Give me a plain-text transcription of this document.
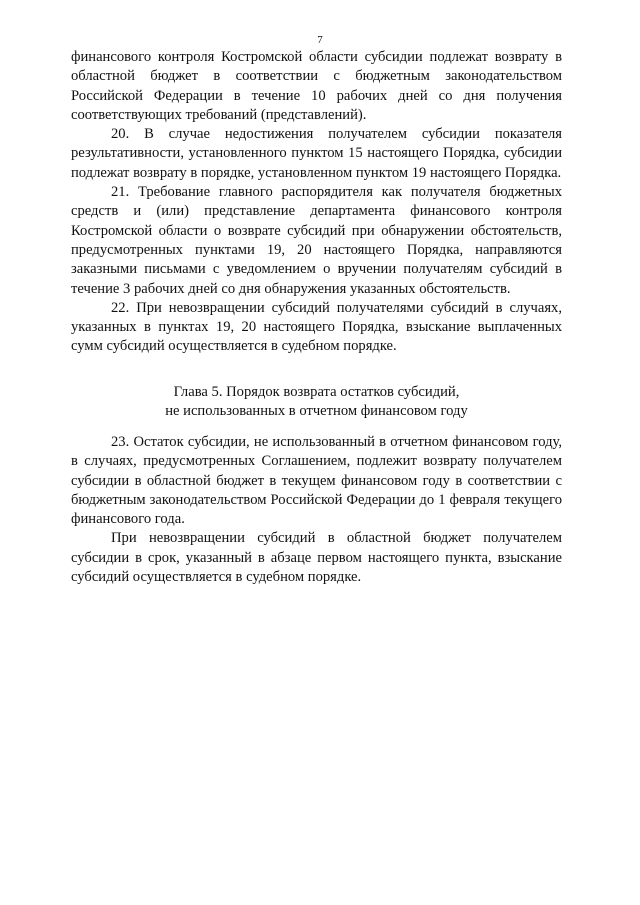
7

финансового контроля Костромской области субсидии подлежат возврату в областной бюджет в соответствии с бюджетным законодательством Российской Федерации в течение 10 рабочих дней со дня получения соответствующих требований (представлений).

20. В случае недостижения получателем субсидии показателя результативности, установленного пунктом 15 настоящего Порядка, субсидии подлежат возврату в порядке, установленном пунктом 19 настоящего Порядка.

21. Требование главного распорядителя как получателя бюджетных средств и (или) представление департамента финансового контроля Костромской области о возврате субсидий при обнаружении обстоятельств, предусмотренных пунктами 19, 20 настоящего Порядка, направляются заказными письмами с уведомлением о вручении получателям субсидий в течение 3 рабочих дней со дня обнаружения указанных обстоятельств.

22. При невозвращении субсидий получателями субсидий в случаях, указанных в пунктах 19, 20 настоящего Порядка, взыскание выплаченных сумм субсидий осуществляется в судебном порядке.

Глава 5. Порядок возврата остатков субсидий,
не использованных в отчетном финансовом году

23. Остаток субсидии, не использованный в отчетном финансовом году, в случаях, предусмотренных Соглашением, подлежит возврату получателем субсидии в областной бюджет в текущем финансовом году в соответствии с бюджетным законодательством Российской Федерации до 1 февраля текущего финансового года.

При невозвращении субсидий в областной бюджет получателем субсидии в срок, указанный в абзаце первом настоящего пункта, взыскание субсидий осуществляется в судебном порядке.
